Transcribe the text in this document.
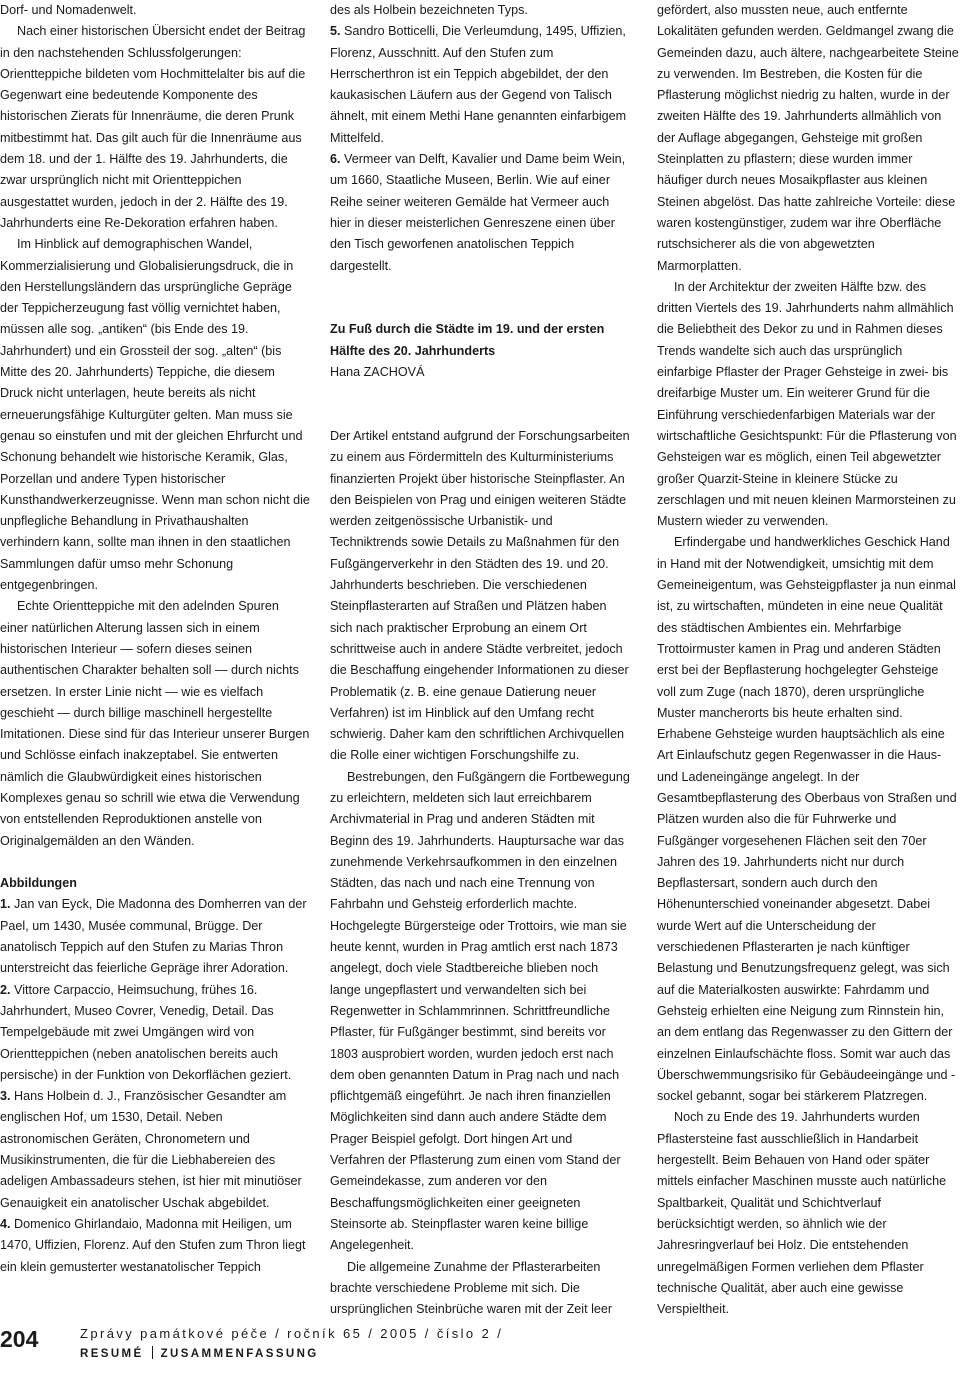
Dorf- und Nomadenwelt.

Nach einer historischen Übersicht endet der Beitrag in den nachstehenden Schlussfolgerungen: Orientteppiche bildeten vom Hochmittelalter bis auf die Gegenwart eine bedeutende Komponente des historischen Zierats für Innenräume, die deren Prunk mitbestimmt hat. Das gilt auch für die Innenräume aus dem 18. und der 1. Hälfte des 19. Jahrhunderts, die zwar ursprünglich nicht mit Orientteppichen ausgestattet wurden, jedoch in der 2. Hälfte des 19. Jahrhunderts eine Re-Dekoration erfahren haben.

Im Hinblick auf demographischen Wandel, Kommerzialisierung und Globalisierungsdruck, die in den Herstellungsländern das ursprüngliche Gepräge der Teppicherzeugung fast völlig vernichtet haben, müssen alle sog. „antiken“ (bis Ende des 19. Jahrhundert) und ein Grossteil der sog. „alten“ (bis Mitte des 20. Jahrhunderts) Teppiche, die diesem Druck nicht unterlagen, heute bereits als nicht erneuerungsfähige Kulturgüter gelten. Man muss sie genau so einstufen und mit der gleichen Ehrfurcht und Schonung behandelt wie historische Keramik, Glas, Porzellan und andere Typen historischer Kunsthandwerkerzeugnisse. Wenn man schon nicht die unpflegliche Behandlung in Privathaushalten verhindern kann, sollte man ihnen in den staatlichen Sammlungen dafür umso mehr Schonung entgegenbringen.

Echte Orientteppiche mit den adelnden Spuren einer natürlichen Alterung lassen sich in einem historischen Interieur — sofern dieses seinen authentischen Charakter behalten soll — durch nichts ersetzen. In erster Linie nicht — wie es vielfach geschieht — durch billige maschinell hergestellte Imitationen. Diese sind für das Interieur unserer Burgen und Schlösse einfach inakzeptabel. Sie entwerten nämlich die Glaubwürdigkeit eines historischen Komplexes genau so schrill wie etwa die Verwendung von entstellenden Reproduktionen anstelle von Originalgemälden an den Wänden.

Abbildungen

1. Jan van Eyck, Die Madonna des Domherren van der Pael, um 1430, Musée communal, Brügge. Der anatolisch Teppich auf den Stufen zu Marias Thron unterstreicht das feierliche Gepräge ihrer Adoration.

2. Vittore Carpaccio, Heimsuchung, frühes 16. Jahrhundert, Museo Covrer, Venedig, Detail. Das Tempelgebäude mit zwei Umgängen wird von Orientteppichen (neben anatolischen bereits auch persische) in der Funktion von Dekorflächen geziert.

3. Hans Holbein d. J., Französischer Gesandter am englischen Hof, um 1530, Detail. Neben astronomischen Geräten, Chronometern und Musikinstrumenten, die für die Liebhabereien des adeligen Ambassadeurs stehen, ist hier mit minutiöser Genauigkeit ein anatolischer Uschak abgebildet.

4. Domenico Ghirlandaio, Madonna mit Heiligen, um 1470, Uffizien, Florenz. Auf den Stufen zum Thron liegt ein klein gemusterter westanatolischer Teppich

des als Holbein bezeichneten Typs.

5. Sandro Botticelli, Die Verleumdung, 1495, Uffizien, Florenz, Ausschnitt. Auf den Stufen zum Herrscherthron ist ein Teppich abgebildet, der den kaukasischen Läufern aus der Gegend von Talisch ähnelt, mit einem Methi Hane genannten einfarbigem Mittelfeld.

6. Vermeer van Delft, Kavalier und Dame beim Wein, um 1660, Staatliche Museen, Berlin. Wie auf einer Reihe seiner weiteren Gemälde hat Vermeer auch hier in dieser meisterlichen Genreszene einen über den Tisch geworfenen anatolischen Teppich dargestellt.

Zu Fuß durch die Städte im 19. und der ersten Hälfte des 20. Jahrhunderts

Hana ZACHOVÁ

Der Artikel entstand aufgrund der Forschungsarbeiten zu einem aus Fördermitteln des Kulturministeriums finanzierten Projekt über historische Steinpflaster. An den Beispielen von Prag und einigen weiteren Städte werden zeitgenössische Urbanistik- und Techniktrends sowie Details zu Maßnahmen für den Fußgängerverkehr in den Städten des 19. und 20. Jahrhunderts beschrieben. Die verschiedenen Steinpflasterarten auf Straßen und Plätzen haben sich nach praktischer Erprobung an einem Ort schrittweise auch in andere Städte verbreitet, jedoch die Beschaffung eingehender Informationen zu dieser Problematik (z. B. eine genaue Datierung neuer Verfahren) ist im Hinblick auf den Umfang recht schwierig. Daher kam den schriftlichen Archivquellen die Rolle einer wichtigen Forschungshilfe zu.

Bestrebungen, den Fußgängern die Fortbewegung zu erleichtern, meldeten sich laut erreichbarem Archivmaterial in Prag und anderen Städten mit Beginn des 19. Jahrhunderts. Hauptursache war das zunehmende Verkehrsaufkommen in den einzelnen Städten, das nach und nach eine Trennung von Fahrbahn und Gehsteig erforderlich machte. Hochgelegte Bürgersteige oder Trottoirs, wie man sie heute kennt, wurden in Prag amtlich erst nach 1873 angelegt, doch viele Stadtbereiche blieben noch lange ungepflastert und verwandelten sich bei Regenwetter in Schlammrinnen. Schrittfreundliche Pflaster, für Fußgänger bestimmt, sind bereits vor 1803 ausprobiert worden, wurden jedoch erst nach dem oben genannten Datum in Prag nach und nach pflichtgemäß eingeführt. Je nach ihren finanziellen Möglichkeiten sind dann auch andere Städte dem Prager Beispiel gefolgt. Dort hingen Art und Verfahren der Pflasterung zum einen vom Stand der Gemeindekasse, zum anderen vor den Beschaffungsmöglichkeiten einer geeigneten Steinsorte ab. Steinpflaster waren keine billige Angelegenheit.

Die allgemeine Zunahme der Pflasterarbeiten brachte verschiedene Probleme mit sich. Die ursprünglichen Steinbrüche waren mit der Zeit leer

gefördert, also mussten neue, auch entfernte Lokalitäten gefunden werden. Geldmangel zwang die Gemeinden dazu, auch ältere, nachgearbeitete Steine zu verwenden. Im Bestreben, die Kosten für die Pflasterung möglichst niedrig zu halten, wurde in der zweiten Hälfte des 19. Jahrhunderts allmählich von der Auflage abgegangen, Gehsteige mit großen Steinplatten zu pflastern; diese wurden immer häufiger durch neues Mosaikpflaster aus kleinen Steinen abgelöst. Das hatte zahlreiche Vorteile: diese waren kostengünstiger, zudem war ihre Oberfläche rutschsicherer als die von abgewetzten Marmorplatten.

In der Architektur der zweiten Hälfte bzw. des dritten Viertels des 19. Jahrhunderts nahm allmählich die Beliebtheit des Dekor zu und in Rahmen dieses Trends wandelte sich auch das ursprünglich einfarbige Pflaster der Prager Gehsteige in zwei- bis dreifarbige Muster um. Ein weiterer Grund für die Einführung verschiedenfarbigen Materials war der wirtschaftliche Gesichtspunkt: Für die Pflasterung von Gehsteigen war es möglich, einen Teil abgewetzter großer Quarzit-Steine in kleinere Stücke zu zerschlagen und mit neuen kleinen Marmorsteinen zu Mustern wieder zu verwenden.

Erfindergabe und handwerkliches Geschick Hand in Hand mit der Notwendigkeit, umsichtig mit dem Gemeineigentum, was Gehsteigpflaster ja nun einmal ist, zu wirtschaften, mündeten in eine neue Qualität des städtischen Ambientes ein. Mehrfarbige Trottoirmuster kamen in Prag und anderen Städten erst bei der Bepflasterung hochgelegter Gehsteige voll zum Zuge (nach 1870), deren ursprüngliche Muster mancherorts bis heute erhalten sind. Erhabene Gehsteige wurden hauptsächlich als eine Art Einlaufschutz gegen Regenwasser in die Haus- und Ladeneingänge angelegt. In der Gesamtbepflasterung des Oberbaus von Straßen und Plätzen wurden also die für Fuhrwerke und Fußgänger vorgesehenen Flächen seit den 70er Jahren des 19. Jahrhunderts nicht nur durch Bepflastersart, sondern auch durch den Höhenunterschied voneinander abgesetzt. Dabei wurde Wert auf die Unterscheidung der verschiedenen Pflasterarten je nach künftiger Belastung und Benutzungsfrequenz gelegt, was sich auf die Materialkosten auswirkte: Fahrdamm und Gehsteig erhielten eine Neigung zum Rinnstein hin, an dem entlang das Regenwasser zu den Gittern der einzelnen Einlaufschächte floss. Somit war auch das Überschwemmungsrisiko für Gebäudeeingänge und -sockel gebannt, sogar bei stärkerem Platzregen.

Noch zu Ende des 19. Jahrhunderts wurden Pflastersteine fast ausschließlich in Handarbeit hergestellt. Beim Behauen von Hand oder später mittels einfacher Maschinen musste auch natürliche Spaltbarkeit, Qualität und Schichtverlauf berücksichtigt werden, so ähnlich wie der Jahresringverlauf bei Holz. Die entstehenden unregelmäßigen Formen verliehen dem Pflaster technische Qualität, aber auch eine gewisse Verspieltheit.

204	Zprávy památkové péče / ročník 65 / 2005 / číslo 2 /
RESUMÉ ZUSAMMENFASSUNG
